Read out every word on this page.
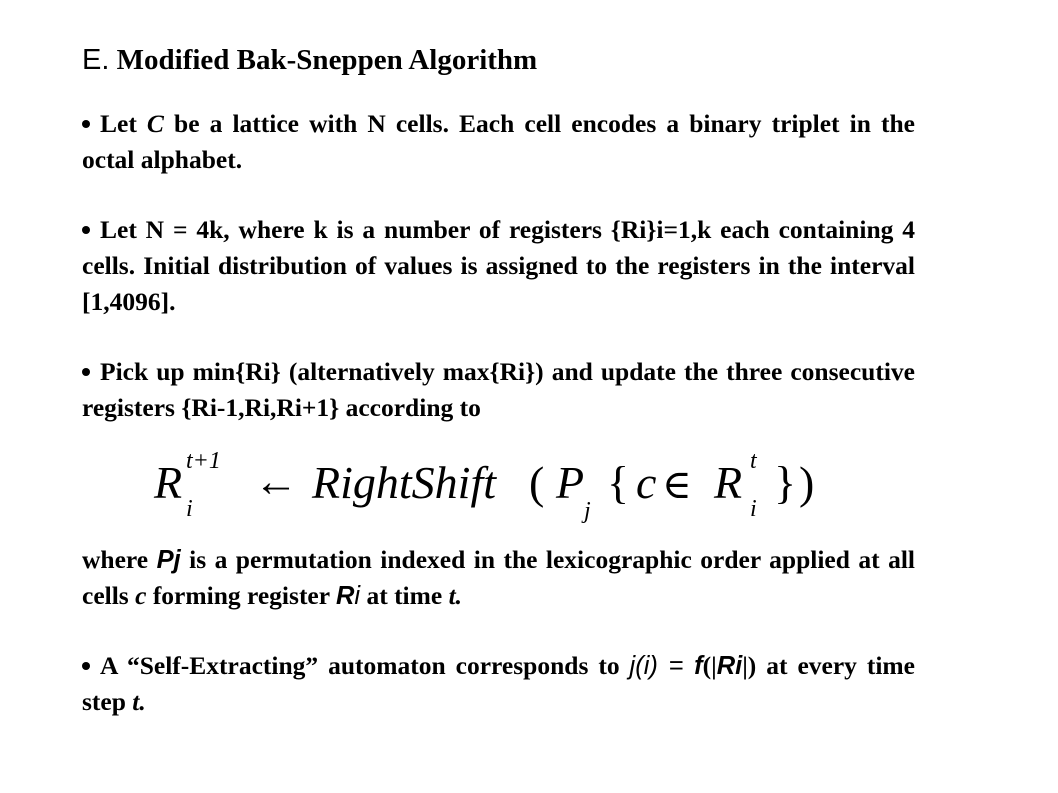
E. Modified Bak-Sneppen Algorithm
Let C be a lattice with N cells. Each cell encodes a binary triplet in the octal alphabet.
Let N = 4k, where k is a number of registers {Ri}i=1,k each containing 4 cells. Initial distribution of values is assigned to the registers in the interval [1,4096].
Pick up min{Ri} (alternatively max{Ri}) and update the three consecutive registers {Ri-1,Ri,Ri+1} according to
R t+1
i
← RightShift ( P
j
{ c ∈ R t
i
} )
where Pj is a permutation indexed in the lexicographic order applied at all cells c forming register Ri at time t.
A “Self-Extracting” automaton corresponds to j(i) = f(|Ri|) at every time step t.
